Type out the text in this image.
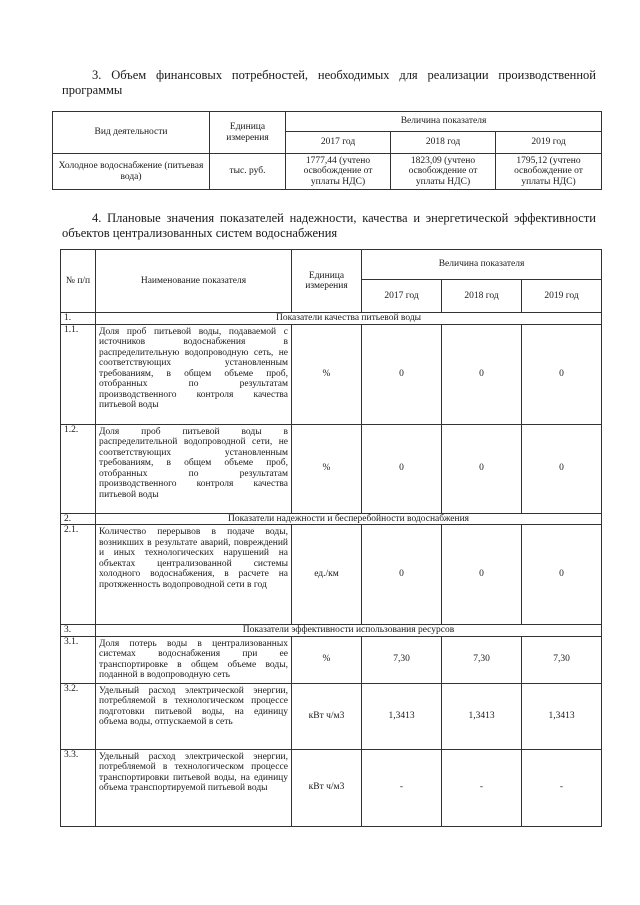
3. Объем финансовых потребностей, необходимых для реализации производственной программы
Вид деятельности	Единица измерения	Величина показателя		
		2017 год	2018 год	2019 год
Холодное водоснабжение (питьевая вода)	тыс. руб.	1777,44 (учтено освобождение от уплаты НДС)	1823,09 (учтено освобождение от уплаты НДС)	1795,12 (учтено освобождение от уплаты НДС)
4. Плановые значения показателей надежности, качества и энергетической эффективности объектов централизованных систем водоснабжения
№ п/п	Наименование показателя	Единица измерения	Величина показателя		
			2017 год	2018 год	2019 год
1.	Показатели качества питьевой воды				
1.1.	Доля проб питьевой воды, подаваемой с источников водоснабжения в распределительную водопроводную сеть, не соответствующих установленным требованиям, в общем объеме проб, отобранных по результатам производственного контроля качества питьевой воды	%	0	0	0
1.2.	Доля проб питьевой воды в распределительной водопроводной сети, не соответствующих установленным требованиям, в общем объеме проб, отобранных по результатам производственного контроля качества питьевой воды	%	0	0	0
2.	Показатели надежности и бесперебойности водоснабжения				
2.1.	Количество перерывов в подаче воды, возникших в результате аварий, повреждений и иных технологических нарушений на объектах централизованной системы холодного водоснабжения, в расчете на протяженность водопроводной сети в год	ед./км	0	0	0
3.	Показатели эффективности использования ресурсов				
3.1.	Доля потерь воды в централизованных системах водоснабжения при ее транспортировке в общем объеме воды, поданной в водопроводную сеть	%	7,30	7,30	7,30
3.2.	Удельный расход электрической энергии, потребляемой в технологическом процессе подготовки питьевой воды, на единицу объема воды, отпускаемой в сеть	кВт ч/м3	1,3413	1,3413	1,3413
3.3.	Удельный расход электрической энергии, потребляемой в технологическом процессе транспортировки питьевой воды, на единицу объема транспортируемой питьевой воды	кВт ч/м3	-	-	-
